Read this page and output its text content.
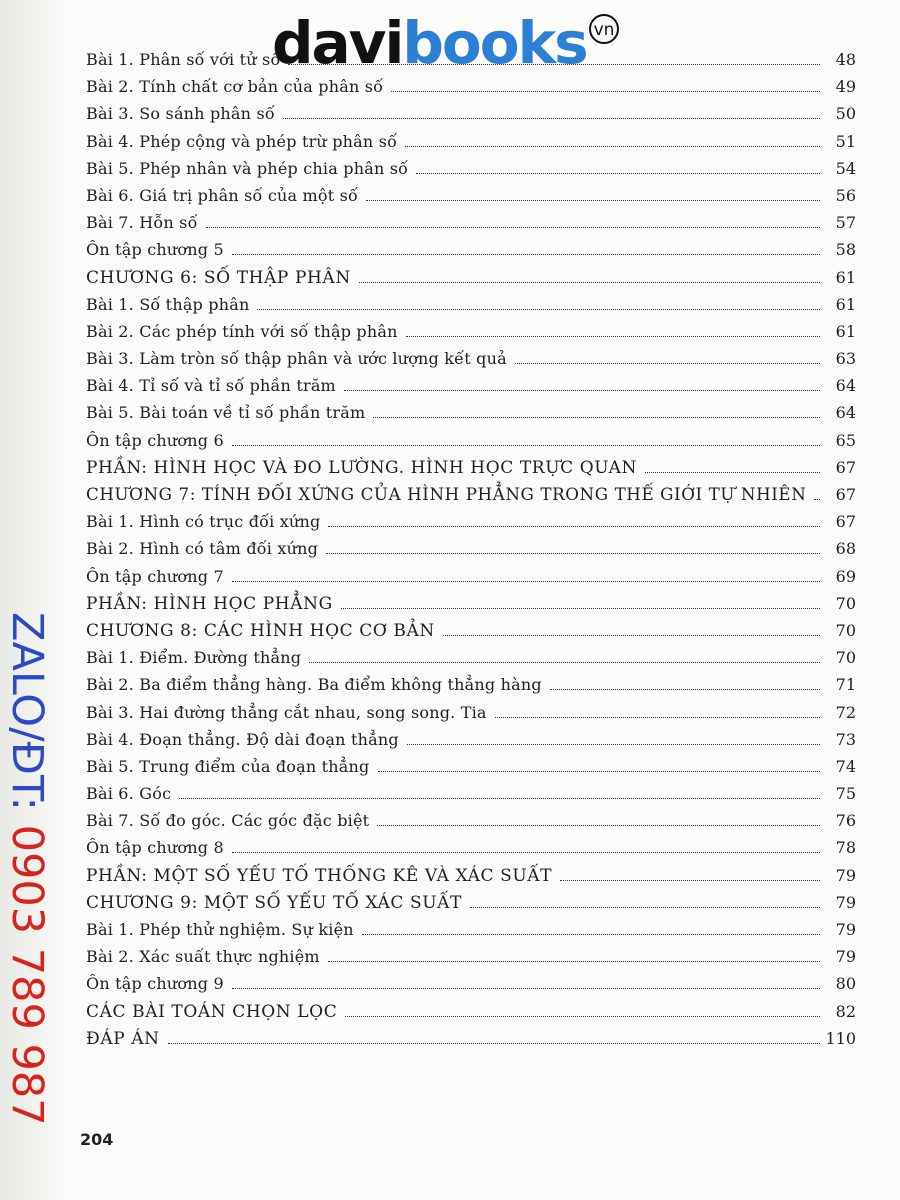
Bài 1. Phân số với tử số	48
Bài 2. Tính chất cơ bản của phân số	49
Bài 3. So sánh phân số	50
Bài 4. Phép cộng và phép trừ phân số	51
Bài 5. Phép nhân và phép chia phân số	54
Bài 6. Giá trị phân số của một số	56
Bài 7. Hỗn số	57
Ôn tập chương 5	58
CHƯƠNG 6: SỐ THẬP PHÂN	61
Bài 1. Số thập phân	61
Bài 2. Các phép tính với số thập phân	61
Bài 3. Làm tròn số thập phân và ước lượng kết quả	63
Bài 4. Tỉ số và tỉ số phần trăm	64
Bài 5. Bài toán về tỉ số phần trăm	64
Ôn tập chương 6	65
PHẦN: HÌNH HỌC VÀ ĐO LƯỜNG. HÌNH HỌC TRỰC QUAN	67
CHƯƠNG 7: TÍNH ĐỐI XỨNG CỦA HÌNH PHẲNG TRONG THẾ GIỚI TỰ NHIÊN 67
Bài 1. Hình có trục đối xứng	67
Bài 2. Hình có tâm đối xứng	68
Ôn tập chương 7	69
PHẦN: HÌNH HỌC PHẲNG	70
CHƯƠNG 8: CÁC HÌNH HỌC CƠ BẢN	70
Bài 1. Điểm. Đường thẳng	70
Bài 2. Ba điểm thẳng hàng. Ba điểm không thẳng hàng	71
Bài 3. Hai đường thẳng cắt nhau, song song. Tia	72
Bài 4. Đoạn thẳng. Độ dài đoạn thẳng	73
Bài 5. Trung điểm của đoạn thẳng	74
Bài 6. Góc	75
Bài 7. Số đo góc. Các góc đặc biệt	76
Ôn tập chương 8	78
PHẦN: MỘT SỐ YẾU TỐ THỐNG KÊ VÀ XÁC SUẤT	79
CHƯƠNG 9: MỘT SỐ YẾU TỐ XÁC SUẤT	79
Bài 1. Phép thử nghiệm. Sự kiện	79
Bài 2. Xác suất thực nghiệm	79
Ôn tập chương 9	80
CÁC BÀI TOÁN CHỌN LỌC	82
ĐÁP ÁN	110
204
davibooks vn
ZALO/ĐT: 0903 789 987
